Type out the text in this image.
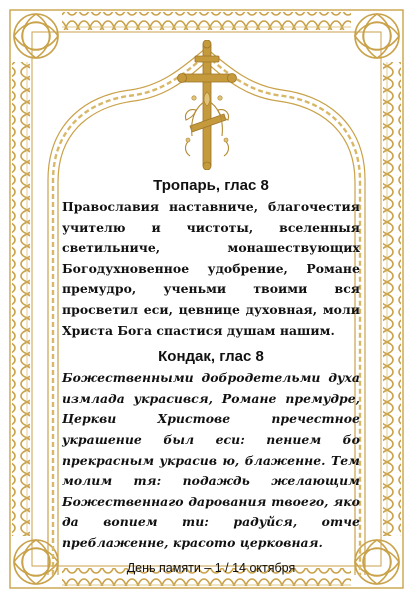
Тропарь, глас 8

Православия наставниче, благочестия учителю и чистоты, вселенныя светильниче, монашествующих Богодухновенное удобрение, Романе премудро, ученьми твоими вся просветил еси, цевнице духовная, моли Христа Бога спастися душам нашим.

Кондак, глас 8

Божественными добродетельми духа измлада украсився, Романе премудре, Церкви Христове пречестное украшение был еси: пением бо прекрасным украсив ю, блаженне. Тем молим тя: подаждь желающим Божественнаго дарования твоего, яко да вопием ти: радуйся, отче преблаженне, красото церковная.

День памяти – 1 / 14 октября
